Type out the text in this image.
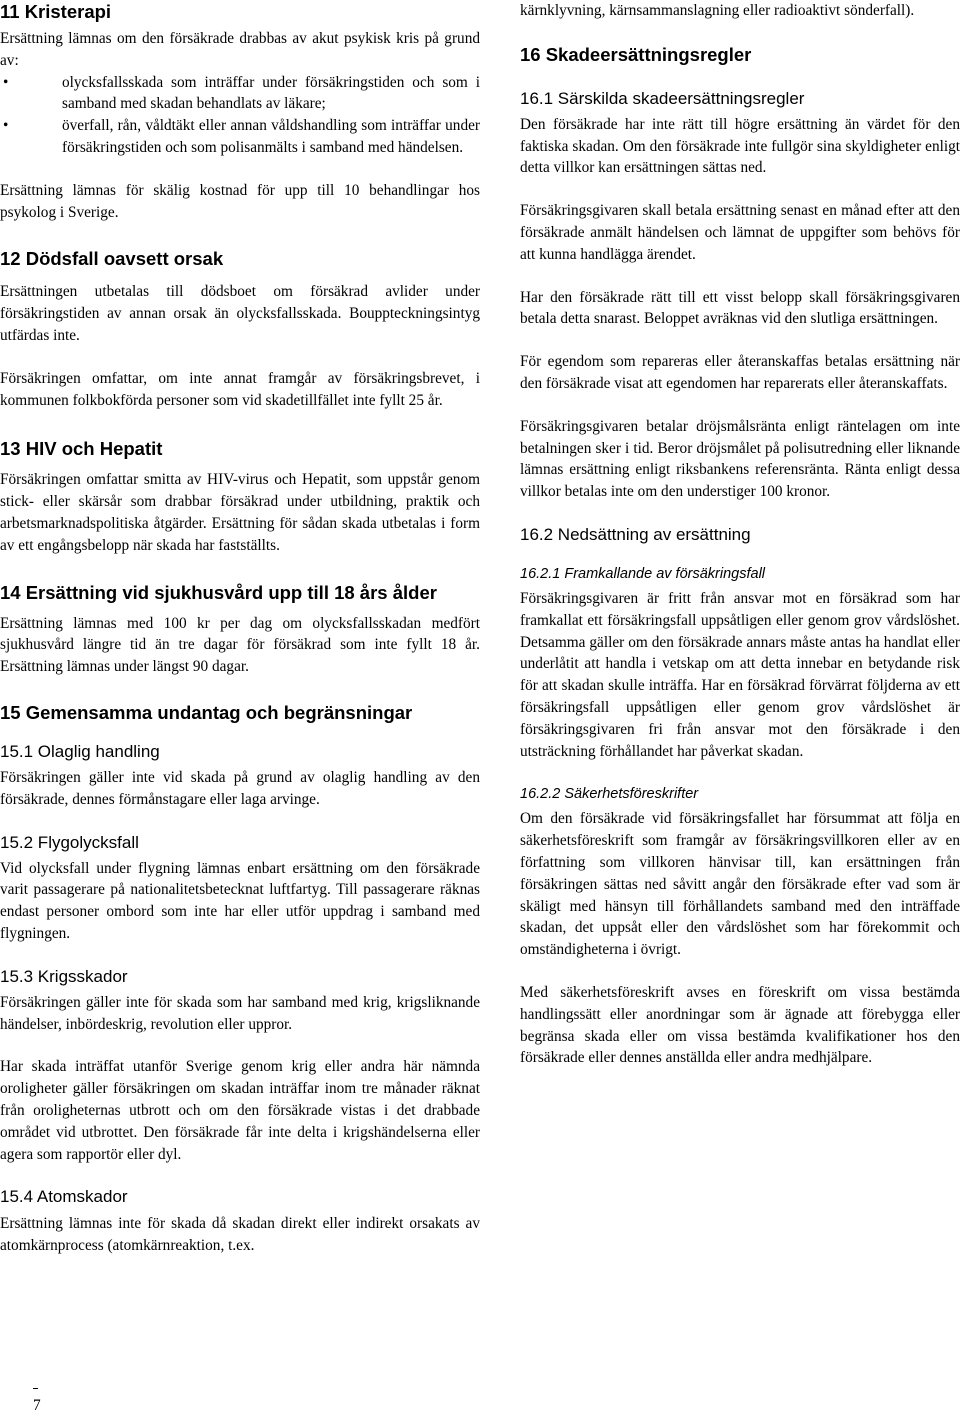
11 Kristerapi

Ersättning lämnas om den försäkrade drabbas av akut psykisk kris på grund av:

•	olycksfallsskada som inträffar under försäkringstiden och som i samband med skadan behandlats av läkare;
•	överfall, rån, våldtäkt eller annan våldshandling som inträffar under försäkringstiden och som polisanmälts i samband med händelsen.

Ersättning lämnas för skälig kostnad för upp till 10 behandlingar hos psykolog i Sverige.

12 Dödsfall oavsett orsak

Ersättningen utbetalas till dödsboet om försäkrad avlider under försäkringstiden av annan orsak än olycksfallsskada. Bouppteckningsintyg utfärdas inte.

Försäkringen omfattar, om inte annat framgår av försäkringsbrevet, i kommunen folkbokförda personer som vid skadetillfället inte fyllt 25 år.

13 HIV och Hepatit

Försäkringen omfattar smitta av HIV-virus och Hepatit, som uppstår genom stick- eller skärsår som drabbar försäkrad under utbildning, praktik och arbetsmarknadspolitiska åtgärder. Ersättning för sådan skada utbetalas i form av ett engångsbelopp när skada har fastställts.

14 Ersättning vid sjukhusvård upp till 18 års ålder

Ersättning lämnas med 100 kr per dag om olycksfallsskadan medfört sjukhusvård längre tid än tre dagar för försäkrad som inte fyllt 18 år. Ersättning lämnas under längst 90 dagar.

15 Gemensamma undantag och begränsningar
15.1 Olaglig handling

Försäkringen gäller inte vid skada på grund av olaglig handling av den försäkrade, dennes förmånstagare eller laga arvinge.

15.2 Flygolycksfall

Vid olycksfall under flygning lämnas enbart ersättning om den försäkrade varit passagerare på nationalitetsbetecknat luftfartyg. Till passagerare räknas endast personer ombord som inte har eller utför uppdrag i samband med flygningen.

15.3 Krigsskador

Försäkringen gäller inte för skada som har samband med krig, krigsliknande händelser, inbördeskrig, revolution eller uppror.

Har skada inträffat utanför Sverige genom krig eller andra här nämnda oroligheter gäller försäkringen om skadan inträffar inom tre månader räknat från oroligheternas utbrott och om den försäkrade vistas i det drabbade området vid utbrottet. Den försäkrade får inte delta i krigshändelserna eller agera som rapportör eller dyl.

15.4 Atomskador

Ersättning lämnas inte för skada då skadan direkt eller indirekt orsakats av atomkärnprocess (atomkärnreaktion, t.ex.

kärnklyvning, kärnsammanslagning eller radioaktivt sönderfall).

16 Skadeersättningsregler
16.1 Särskilda skadeersättningsregler

Den försäkrade har inte rätt till högre ersättning än värdet för den faktiska skadan. Om den försäkrade inte fullgör sina skyldigheter enligt detta villkor kan ersättningen sättas ned.

Försäkringsgivaren skall betala ersättning senast en månad efter att den försäkrade anmält händelsen och lämnat de uppgifter som behövs för att kunna handlägga ärendet.

Har den försäkrade rätt till ett visst belopp skall försäkringsgivaren betala detta snarast. Beloppet avräknas vid den slutliga ersättningen.

För egendom som repareras eller återanskaffas betalas ersättning när den försäkrade visat att egendomen har reparerats eller återanskaffats.

Försäkringsgivaren betalar dröjsmålsränta enligt räntelagen om inte betalningen sker i tid. Beror dröjsmålet på polisutredning eller liknande lämnas ersättning enligt riksbankens referensränta. Ränta enligt dessa villkor betalas inte om den understiger 100 kronor.

16.2 Nedsättning av ersättning
16.2.1 Framkallande av försäkringsfall

Försäkringsgivaren är fritt från ansvar mot en försäkrad som har framkallat ett försäkringsfall uppsåtligen eller genom grov vårdslöshet. Detsamma gäller om den försäkrade annars måste antas ha handlat eller underlåtit att handla i vetskap om att detta innebar en betydande risk för att skadan skulle inträffa. Har en försäkrad förvärrat följderna av ett försäkringsfall uppsåtligen eller genom grov vårdslöshet är försäkringsgivaren fri från ansvar mot den försäkrade i den utsträckning förhållandet har påverkat skadan.

16.2.2 Säkerhetsföreskrifter

Om den försäkrade vid försäkringsfallet har försummat att följa en säkerhetsföreskrift som framgår av försäkringsvillkoren eller av en författning som villkoren hänvisar till, kan ersättningen från försäkringen sättas ned såvitt angår den försäkrade efter vad som är skäligt med hänsyn till förhållandets samband med den inträffade skadan, det uppsåt eller den vårdslöshet som har förekommit och omständigheterna i övrigt.

Med säkerhetsföreskrift avses en föreskrift om vissa bestämda handlingssätt eller anordningar som är ägnade att förebygga eller begränsa skada eller om vissa bestämda kvalifikationer hos den försäkrade eller dennes anställda eller andra medhjälpare.

7
